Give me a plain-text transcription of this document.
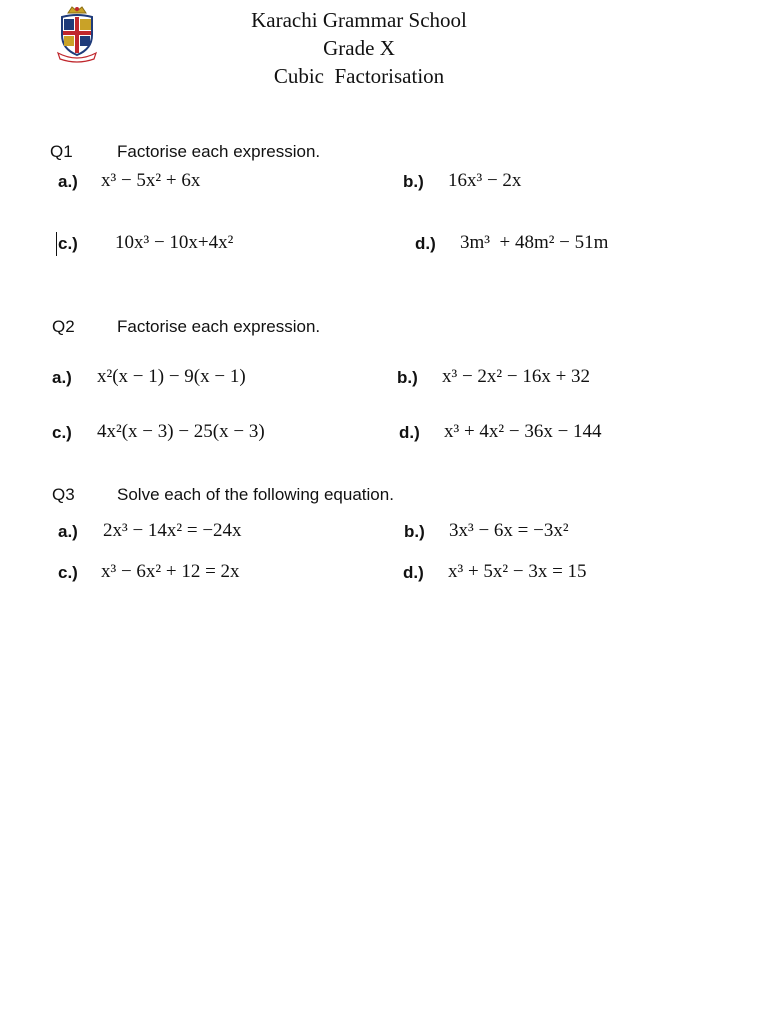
Karachi Grammar School
Grade X
Cubic  Factorisation
Q1	Factorise each expression.
a.) x³ − 5x² + 6x	b.) 16x³ − 2x
c.) 10x³ − 10x+4x²	d.) 3m³  + 48m² − 51m
Q2 Factorise each expression.
a.) x²(x − 1) − 9(x − 1)	b.) x³ − 2x² − 16x + 32
c.) 4x²(x − 3) − 25(x − 3)	d.) x³ + 4x² − 36x − 144
Q3 Solve each of the following equation.
a.) 2x³ − 14x² = −24x	b.) 3x³ − 6x = −3x²
c.) x³ − 6x² + 12 = 2x	d.) x³ + 5x² − 3x = 15
